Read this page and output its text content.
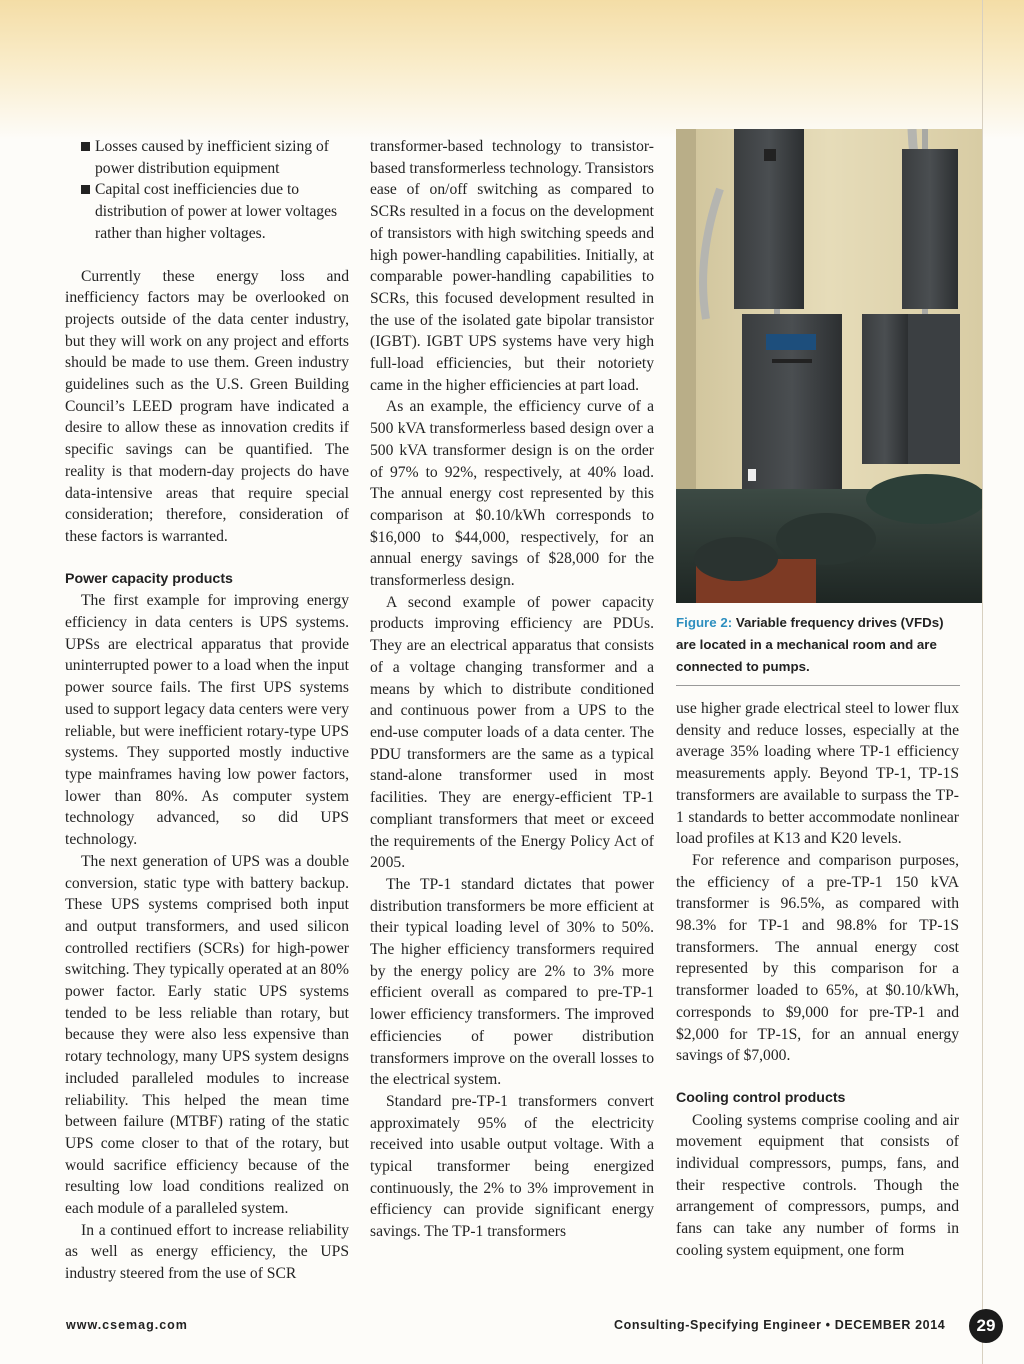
Losses caused by inefficient sizing of power distribution equipment
Capital cost inefficiencies due to distribution of power at lower voltages rather than higher voltages.

Currently these energy loss and inefficiency factors may be overlooked on projects outside of the data center industry, but they will work on any project and efforts should be made to use them. Green industry guidelines such as the U.S. Green Building Council’s LEED program have indicated a desire to allow these as innovation credits if specific savings can be quantified. The reality is that modern-day projects do have data-intensive areas that require special consideration; therefore, consideration of these factors is warranted.

Power capacity products

The first example for improving energy efficiency in data centers is UPS systems. UPSs are electrical apparatus that provide uninterrupted power to a load when the input power source fails. The first UPS systems used to support legacy data centers were very reliable, but were inefficient rotary-type UPS systems. They supported mostly inductive type mainframes having low power factors, lower than 80%. As computer system technology advanced, so did UPS technology.

The next generation of UPS was a double conversion, static type with battery backup. These UPS systems comprised both input and output transformers, and used silicon controlled rectifiers (SCRs) for high-power switching. They typically operated at an 80% power factor. Early static UPS systems tended to be less reliable than rotary, but because they were also less expensive than rotary technology, many UPS system designs included paralleled modules to increase reliability. This helped the mean time between failure (MTBF) rating of the static UPS come closer to that of the rotary, but would sacrifice efficiency because of the resulting low load conditions realized on each module of a paralleled system.

In a continued effort to increase reliability as well as energy efficiency, the UPS industry steered from the use of SCR

transformer-based technology to transistor-based transformerless technology. Transistors ease of on/off switching as compared to SCRs resulted in a focus on the development of transistors with high switching speeds and high power-handling capabilities. Initially, at comparable power-handling capabilities to SCRs, this focused development resulted in the use of the isolated gate bipolar transistor (IGBT). IGBT UPS systems have very high full-load efficiencies, but their notoriety came in the higher efficiencies at part load.

As an example, the efficiency curve of a 500 kVA transformerless based design over a 500 kVA transformer design is on the order of 97% to 92%, respectively, at 40% load. The annual energy cost represented by this comparison at $0.10/kWh corresponds to $16,000 to $44,000, respectively, for an annual energy savings of $28,000 for the transformerless design.

A second example of power capacity products improving efficiency are PDUs. They are an electrical apparatus that consists of a voltage changing transformer and a means by which to distribute conditioned and continuous power from a UPS to the end-use computer loads of a data center. The PDU transformers are the same as a typical stand-alone transformer used in most facilities. They are energy-efficient TP-1 compliant transformers that meet or exceed the requirements of the Energy Policy Act of 2005.

The TP-1 standard dictates that power distribution transformers be more efficient at their typical loading level of 30% to 50%. The higher efficiency transformers required by the energy policy are 2% to 3% more efficient overall as compared to pre-TP-1 lower efficiency transformers. The improved efficiencies of power distribution transformers improve on the overall losses to the electrical system.

Standard pre-TP-1 transformers convert approximately 95% of the electricity received into usable output voltage. With a typical transformer being energized continuously, the 2% to 3% improvement in efficiency can provide significant energy savings. The TP-1 transformers

Figure 2: Variable frequency drives (VFDs) are located in a mechanical room and are connected to pumps.

use higher grade electrical steel to lower flux density and reduce losses, especially at the average 35% loading where TP-1 efficiency measurements apply. Beyond TP-1, TP-1S transformers are available to surpass the TP-1 standards to better accommodate nonlinear load profiles at K13 and K20 levels.

For reference and comparison purposes, the efficiency of a pre-TP-1 150 kVA transformer is 96.5%, as compared with 98.3% for TP-1 and 98.8% for TP-1S transformers. The annual energy cost represented by this comparison for a transformer loaded to 65%, at $0.10/kWh, corresponds to $9,000 for pre-TP-1 and $2,000 for TP-1S, for an annual energy savings of $7,000.

Cooling control products

Cooling systems comprise cooling and air movement equipment that consists of individual compressors, pumps, fans, and their respective controls. Though the arrangement of compressors, pumps, and fans can take any number of forms in cooling system equipment, one form

www.csemag.com	Consulting-Specifying Engineer • DECEMBER 2014	29
